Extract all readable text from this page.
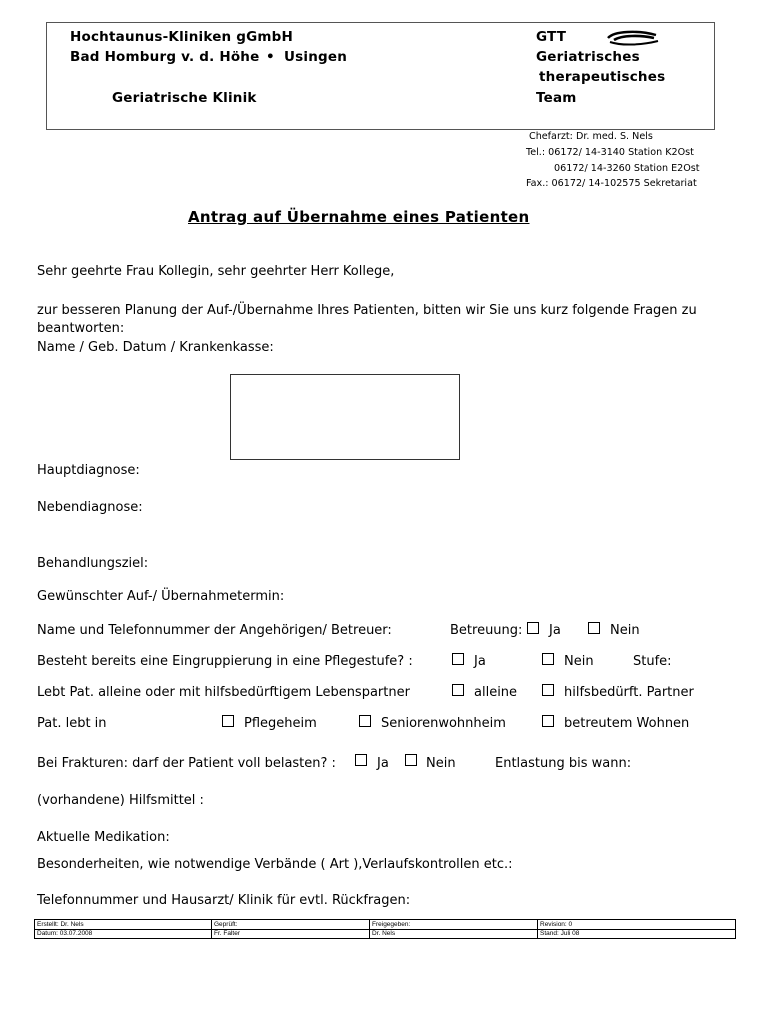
Hochtaunus-Kliniken gGmbH
Bad Homburg v. d. Höhe • Usingen
Geriatrische Klinik
GTT
Geriatrisches
therapeutisches
Team
Chefarzt: Dr. med. S. Nels
Tel.: 06172/ 14-3140 Station K2Ost
06172/ 14-3260 Station E2Ost
Fax.: 06172/ 14-102575 Sekretariat
Antrag auf Übernahme eines Patienten
Sehr geehrte Frau Kollegin, sehr geehrter Herr Kollege,
zur besseren Planung der Auf-/Übernahme Ihres Patienten, bitten wir Sie uns kurz folgende Fragen zu
beantworten:
Name / Geb. Datum / Krankenkasse:
Hauptdiagnose:
Nebendiagnose:
Behandlungsziel:
Gewünschter Auf-/ Übernahmetermin:
Name und Telefonnummer der Angehörigen/ Betreuer:	Betreuung: Ja	Nein
Besteht bereits eine Eingruppierung in eine Pflegestufe? :	Ja	Nein	Stufe:
Lebt Pat. alleine oder mit hilfsbedürftigem Lebenspartner	alleine	hilfsbedürft. Partner
Pat. lebt in	Pflegeheim	Seniorenwohnheim	betreutem Wohnen
Bei Frakturen: darf der Patient voll belasten? :	Ja	Nein	Entlastung bis wann:
(vorhandene) Hilfsmittel :
Aktuelle Medikation:
Besonderheiten, wie notwendige Verbände ( Art ),Verlaufskontrollen etc.:
Telefonnummer und Hausarzt/ Klinik für evtl. Rückfragen:
Erstellt: Dr. Nels	Geprüft:	Freigegeben:	Revision: 0
Datum: 03.07.2008	Fr. Falter	Dr. Nels	Stand: Juli 08
